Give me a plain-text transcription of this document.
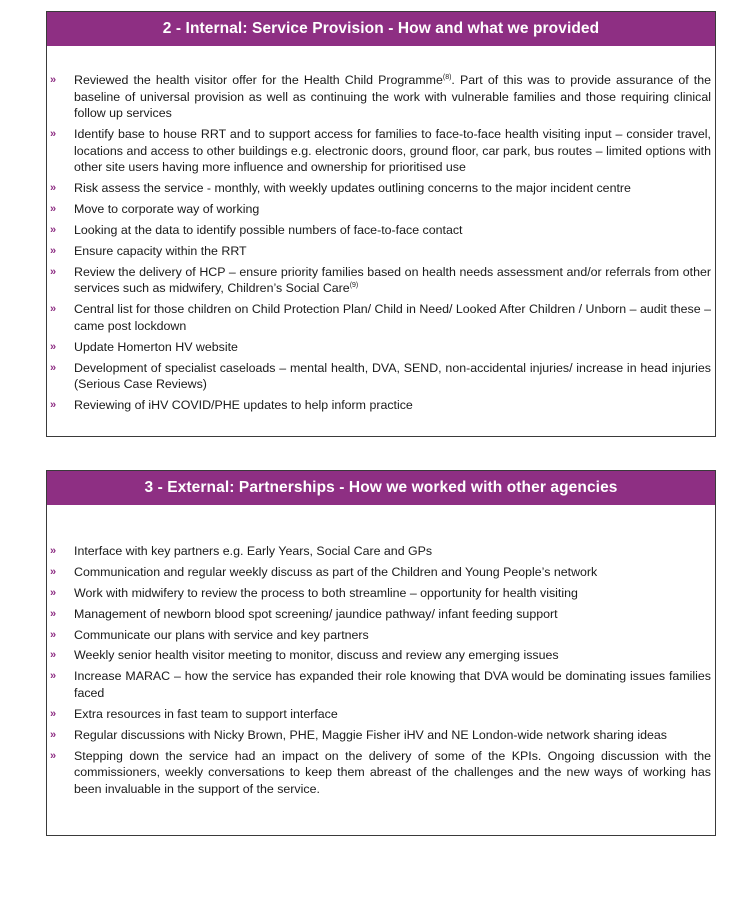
2 - Internal: Service Provision - How and what we provided
» Reviewed the health visitor offer for the Health Child Programme$^{(8)}$. Part of this was to provide assurance of the baseline of universal provision as well as continuing the work with vulnerable families and those requiring clinical follow up services
» Identify base to house RRT and to support access for families to face-to-face health visiting input – consider travel, locations and access to other buildings e.g. electronic doors, ground floor, car park, bus routes – limited options with other site users having more influence and ownership for prioritised use
» Risk assess the service - monthly, with weekly updates outlining concerns to the major incident centre
» Move to corporate way of working
» Looking at the data to identify possible numbers of face-to-face contact
» Ensure capacity within the RRT
» Review the delivery of HCP – ensure priority families based on health needs assessment and/or referrals from other services such as midwifery, Children’s Social Care$^{(9)}$
» Central list for those children on Child Protection Plan/ Child in Need/ Looked After Children / Unborn – audit these – came post lockdown
» Update Homerton HV website
» Development of specialist caseloads – mental health, DVA, SEND, non-accidental injuries/ increase in head injuries (Serious Case Reviews)
» Reviewing of iHV COVID/PHE updates to help inform practice
3 - External: Partnerships - How we worked with other agencies
» Interface with key partners e.g. Early Years, Social Care and GPs
» Communication and regular weekly discuss as part of the Children and Young People’s network
» Work with midwifery to review the process to both streamline – opportunity for health visiting
» Management of newborn blood spot screening/ jaundice pathway/ infant feeding support
» Communicate our plans with service and key partners
» Weekly senior health visitor meeting to monitor, discuss and review any emerging issues
» Increase MARAC – how the service has expanded their role knowing that DVA would be dominating issues families faced
» Extra resources in fast team to support interface
» Regular discussions with Nicky Brown, PHE, Maggie Fisher iHV and NE London-wide network sharing ideas
» Stepping down the service had an impact on the delivery of some of the KPIs. Ongoing discussion with the commissioners, weekly conversations to keep them abreast of the challenges and the new ways of working has been invaluable in the support of the service.
